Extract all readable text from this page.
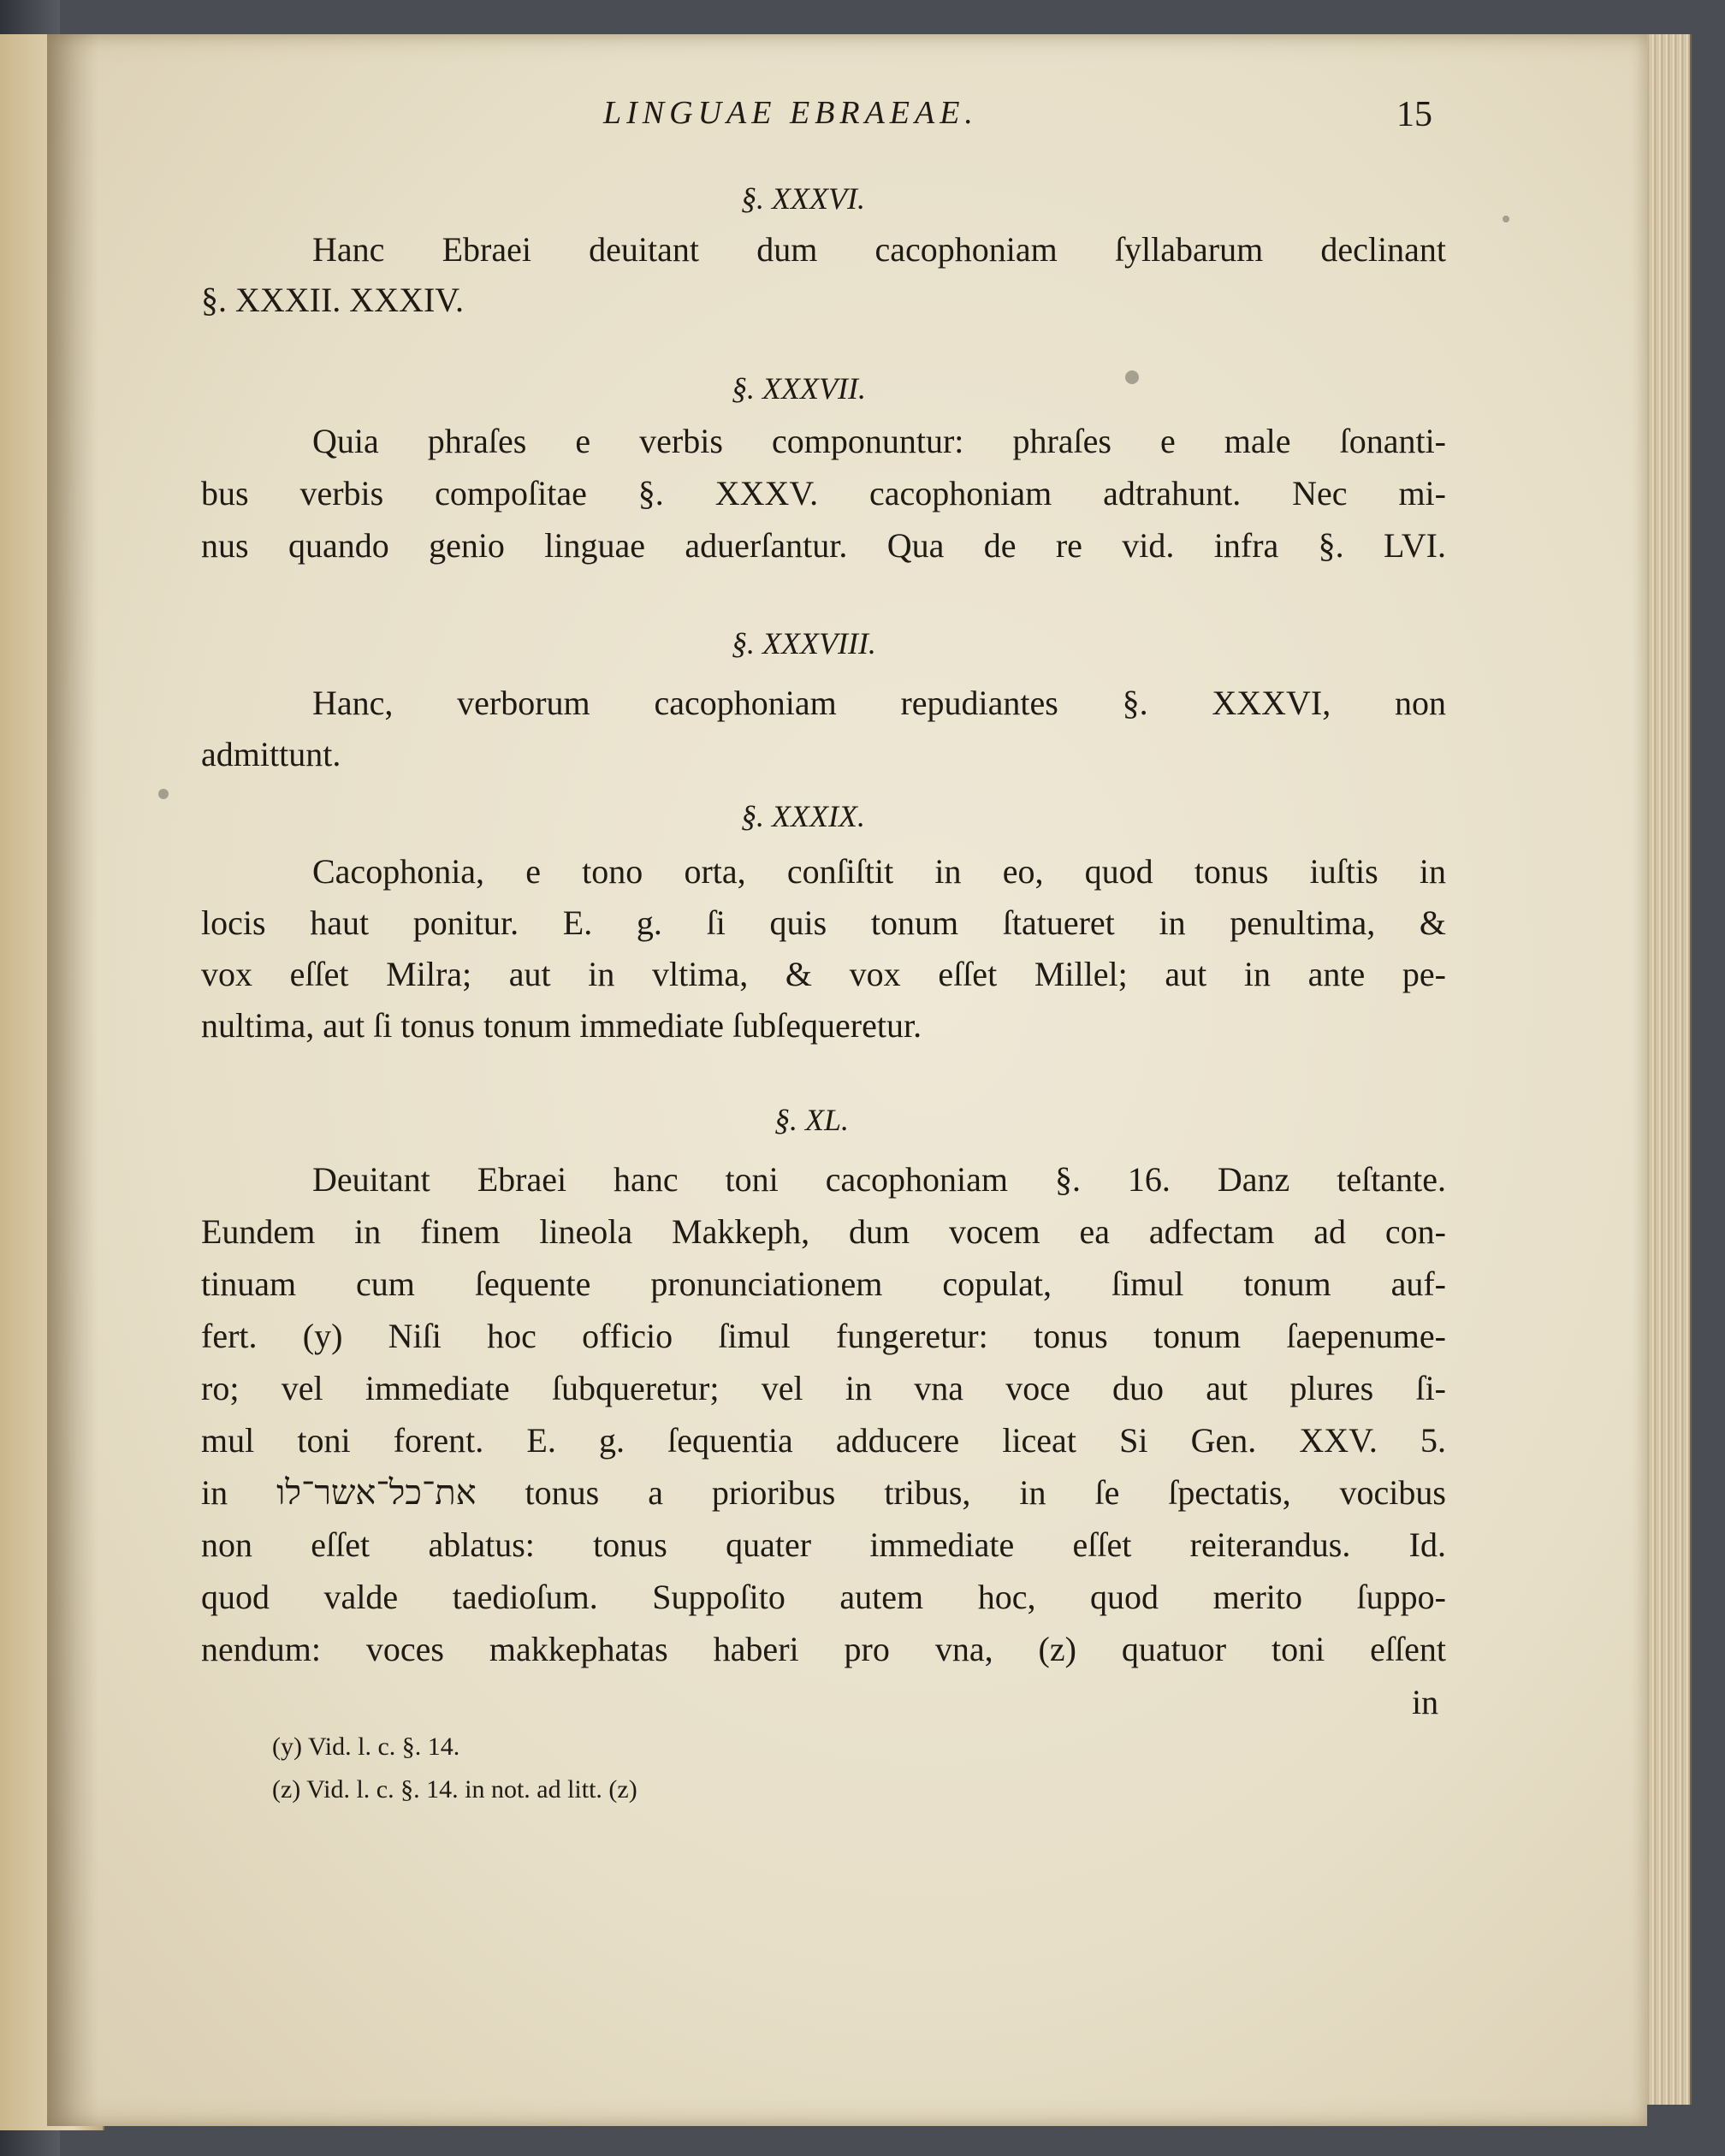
LINGUAE EBRAEAE.	15
§. XXXVI.
Hanc Ebraei deuitant dum cacophoniam ſyllabarum declinant
§. XXXII. XXXIV.
§. XXXVII.
Quia phraſes e verbis componuntur: phraſes e male ſonanti-
bus verbis compoſitae §. XXXV. cacophoniam adtrahunt. Nec mi-
nus quando genio linguae aduerſantur. Qua de re vid. infra §. LVI.
§. XXXVIII.
Hanc, verborum cacophoniam repudiantes §. XXXVI, non
admittunt.
§. XXXIX.
Cacophonia, e tono orta, conſiſtit in eo, quod tonus iuſtis in
locis haut ponitur. E. g. ſi quis tonum ſtatueret in penultima, &
vox eſſet Milra; aut in vltima, & vox eſſet Millel; aut in ante pe-
nultima, aut ſi tonus tonum immediate ſubſequeretur.
§. XL.
Deuitant Ebraei hanc toni cacophoniam §. 16. Danz teſtante.
Eundem in finem lineola Makkeph, dum vocem ea adfectam ad con-
tinuam cum ſequente pronunciationem copulat, ſimul tonum auf-
fert. (y) Niſi hoc officio ſimul fungeretur: tonus tonum ſaepenume-
ro; vel immediate ſubqueretur; vel in vna voce duo aut plures ſi-
mul toni forent. E. g. ſequentia adducere liceat Si Gen. XXV. 5.
in את־כל־אשר־לו tonus a prioribus tribus, in ſe ſpectatis, vocibus
non eſſet ablatus: tonus quater immediate eſſet reiterandus. Id.
quod valde taedioſum. Suppoſito autem hoc, quod merito ſuppo-
nendum: voces makkephatas haberi pro vna, (z) quatuor toni eſſent
in
(y) Vid. l. c. §. 14.
(z) Vid. l. c. §. 14. in not. ad litt. (z)
